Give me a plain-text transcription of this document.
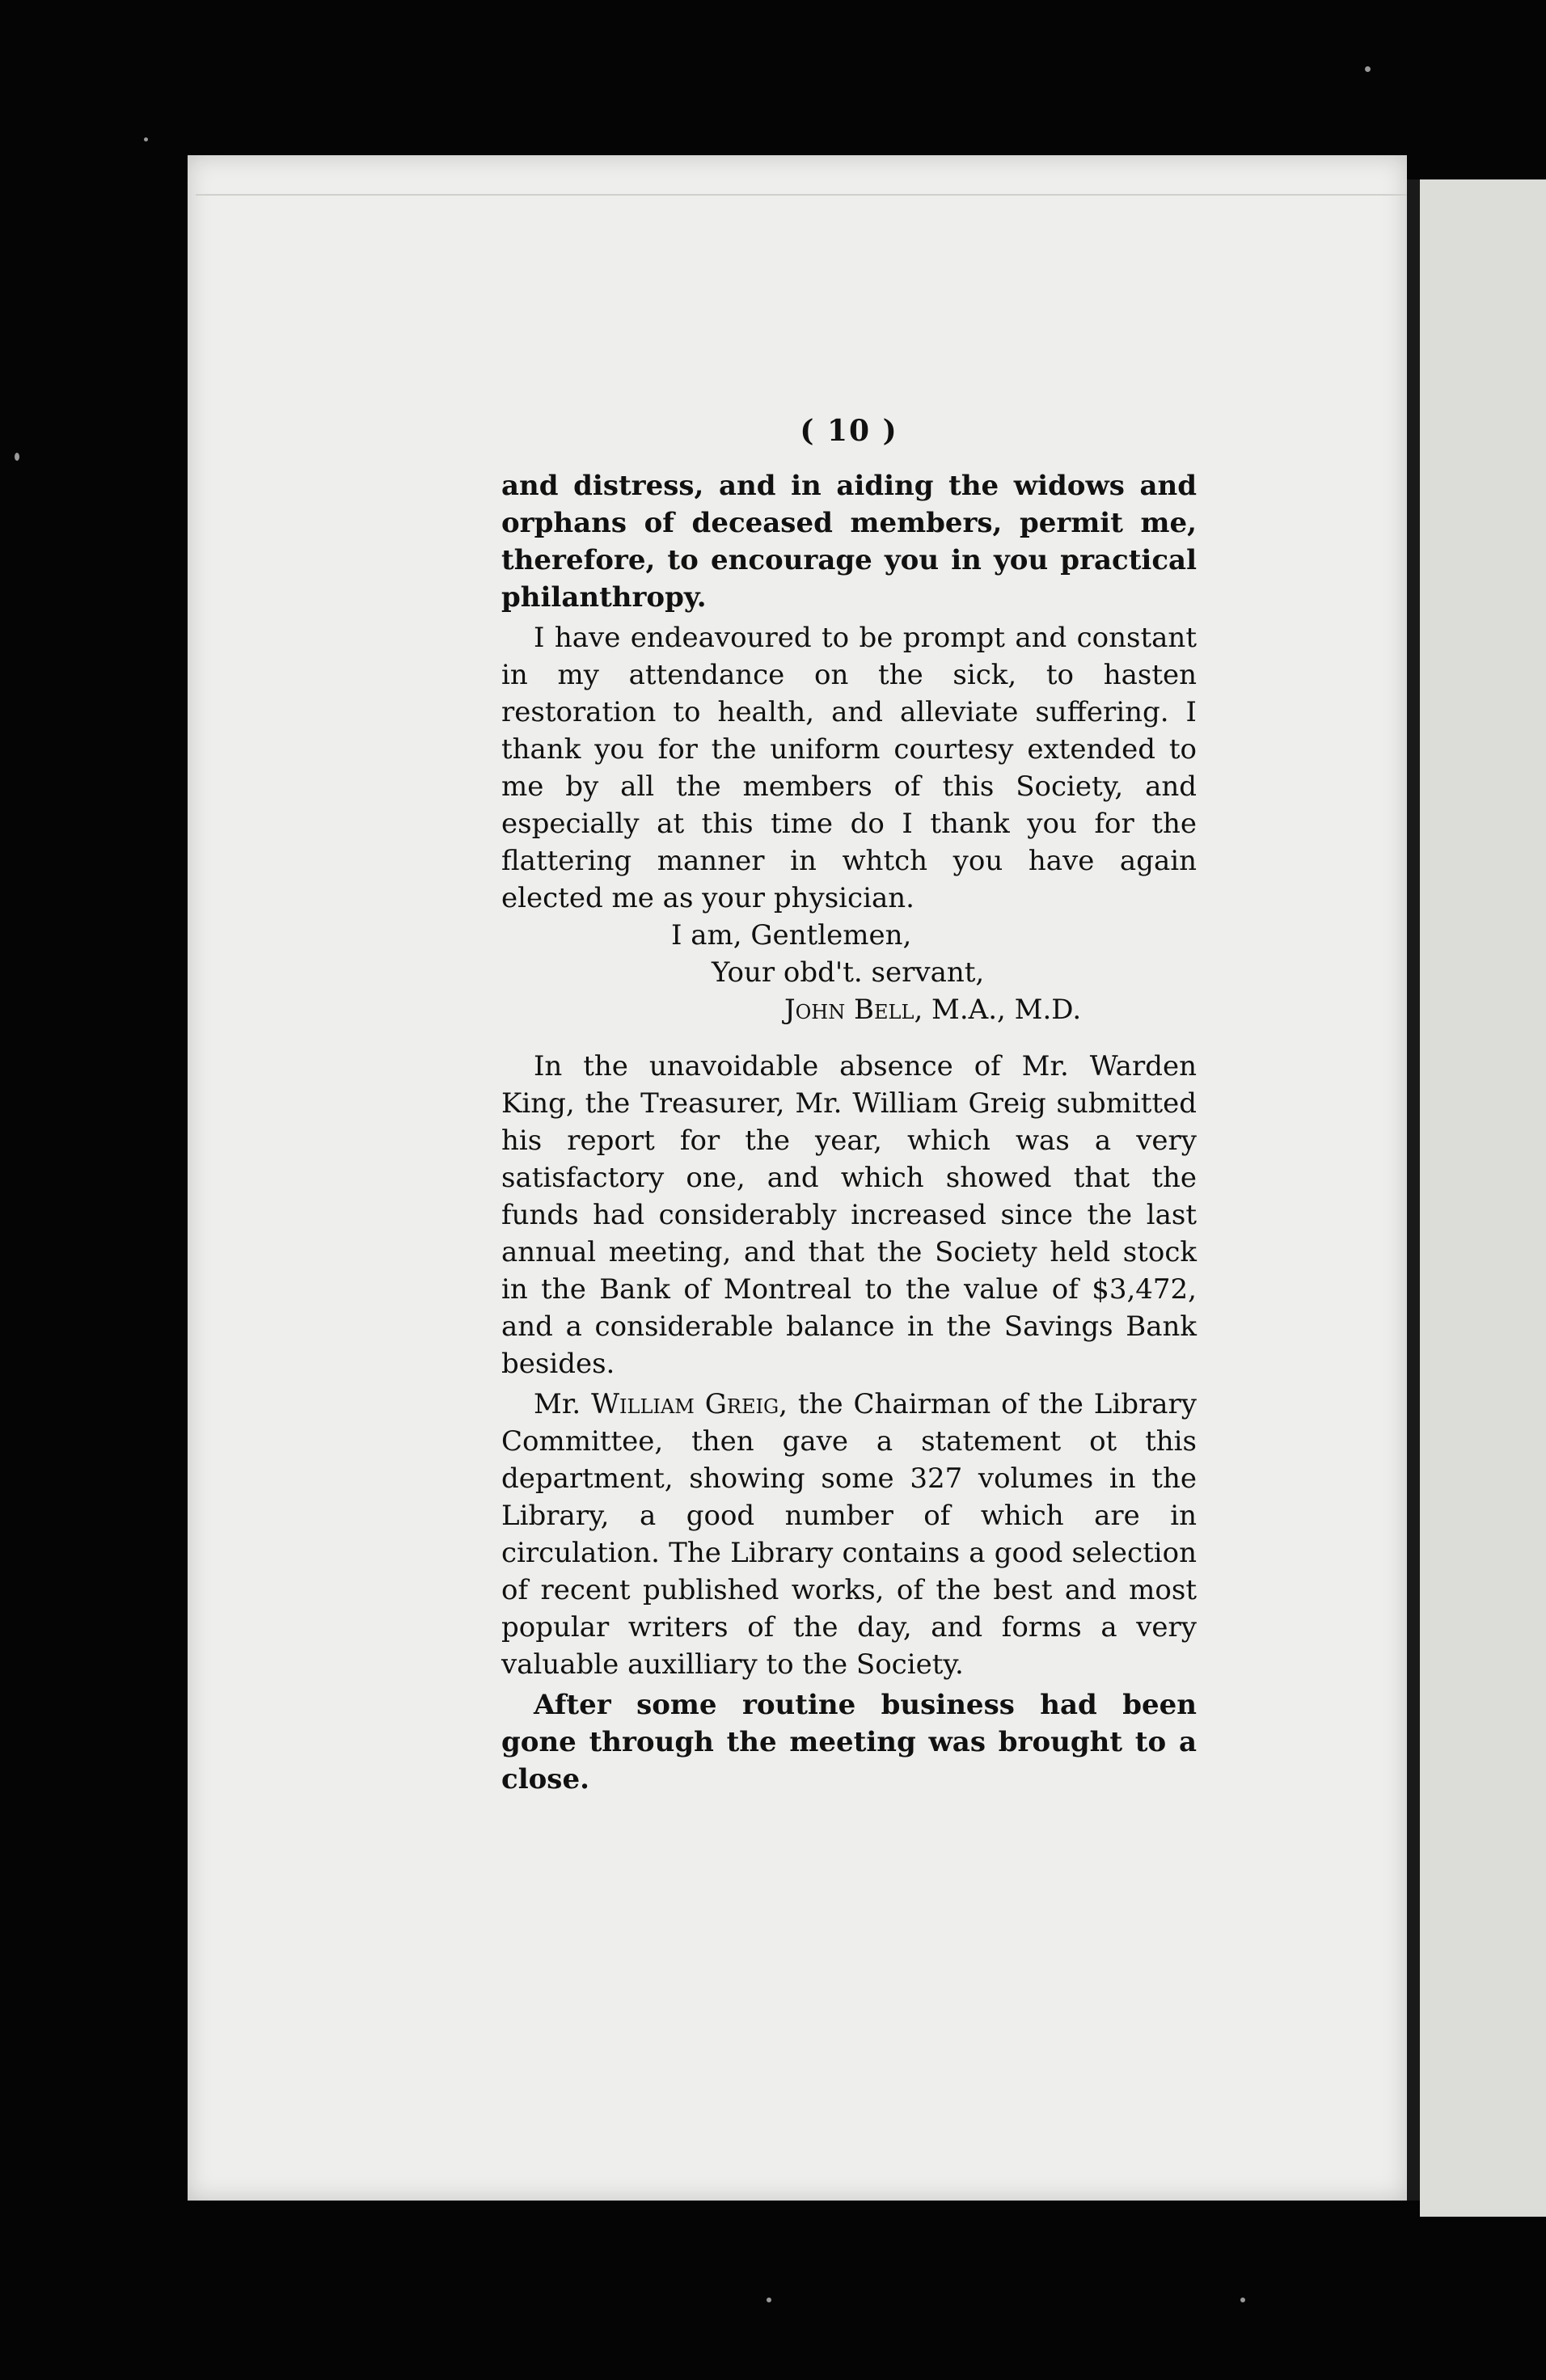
( 10 )

and distress, and in aiding the widows and orphans of deceased members, permit me, therefore, to encourage you in you practical philanthropy.

I have endeavoured to be prompt and constant in my attendance on the sick, to hasten restoration to health, and alleviate suffering. I thank you for the uniform courtesy extended to me by all the members of this Society, and especially at this time do I thank you for the flattering manner in whtch you have again elected me as your physician.

I am, Gentlemen,

Your obd't. servant,

John Bell, M.A., M.D.

In the unavoidable absence of Mr. Warden King, the Treasurer, Mr. William Greig submitted his report for the year, which was a very satisfactory one, and which showed that the funds had considerably increased since the last annual meeting, and that the Society held stock in the Bank of Montreal to the value of $3,472, and a considerable balance in the Savings Bank besides.

Mr. William Greig, the Chairman of the Library Committee, then gave a statement ot this department, showing some 327 volumes in the Library, a good number of which are in circulation. The Library contains a good selection of recent published works, of the best and most popular writers of the day, and forms a very valuable auxilliary to the Society.

After some routine business had been gone through the meeting was brought to a close.
